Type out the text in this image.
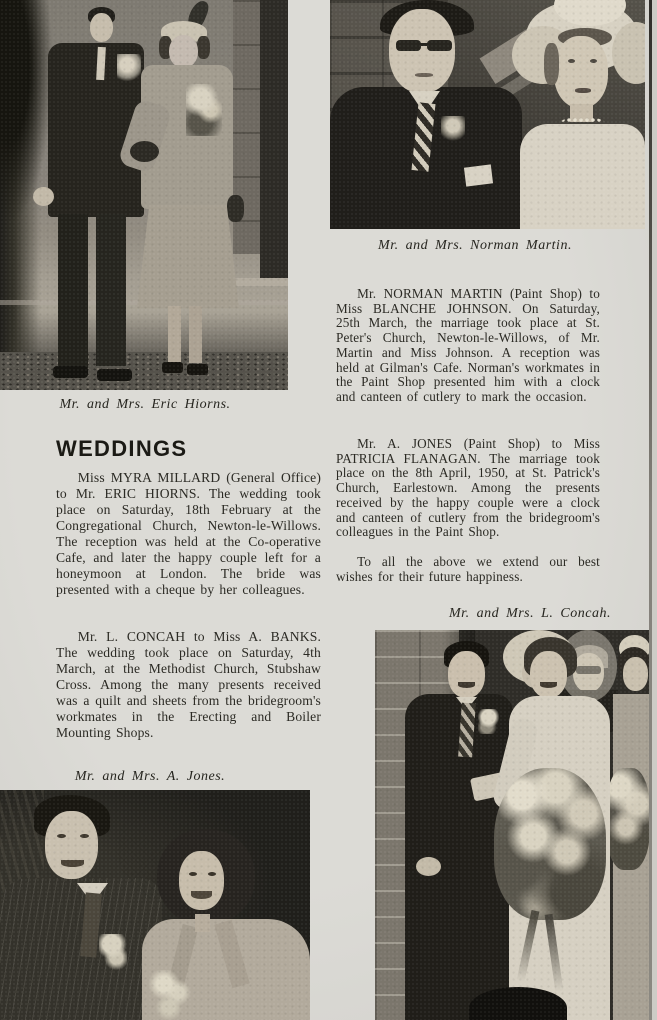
Mr. and Mrs. Eric Hiorns.
Mr. and Mrs. Norman Martin.
WEDDINGS

Miss MYRA MILLARD (General Office) to Mr. ERIC HIORNS. The wedding took place on Saturday, 18th February at the Congregational Church, Newton-le-Willows. The reception was held at the Co-operative Cafe, and later the happy couple left for a honeymoon at London. The bride was presented with a cheque by her colleagues.

Mr. L. CONCAH to Miss A. BANKS. The wedding took place on Saturday, 4th March, at the Methodist Church, Stubshaw Cross. Among the many presents received was a quilt and sheets from the bridegroom's workmates in the Erecting and Boiler Mounting Shops.

Mr. and Mrs. A. Jones.

Mr. NORMAN MARTIN (Paint Shop) to Miss BLANCHE JOHNSON. On Saturday, 25th March, the marriage took place at St. Peter's Church, Newton-le-Willows, of Mr. Martin and Miss Johnson. A reception was held at Gilman's Cafe. Norman's workmates in the Paint Shop presented him with a clock and canteen of cutlery to mark the occasion.

Mr. A. JONES (Paint Shop) to Miss PATRICIA FLANAGAN. The marriage took place on the 8th April, 1950, at St. Patrick's Church, Earlestown. Among the presents received by the happy couple were a clock and canteen of cutlery from the bridegroom's colleagues in the Paint Shop.

To all the above we extend our best wishes for their future happiness.

Mr. and Mrs. L. Concah.
